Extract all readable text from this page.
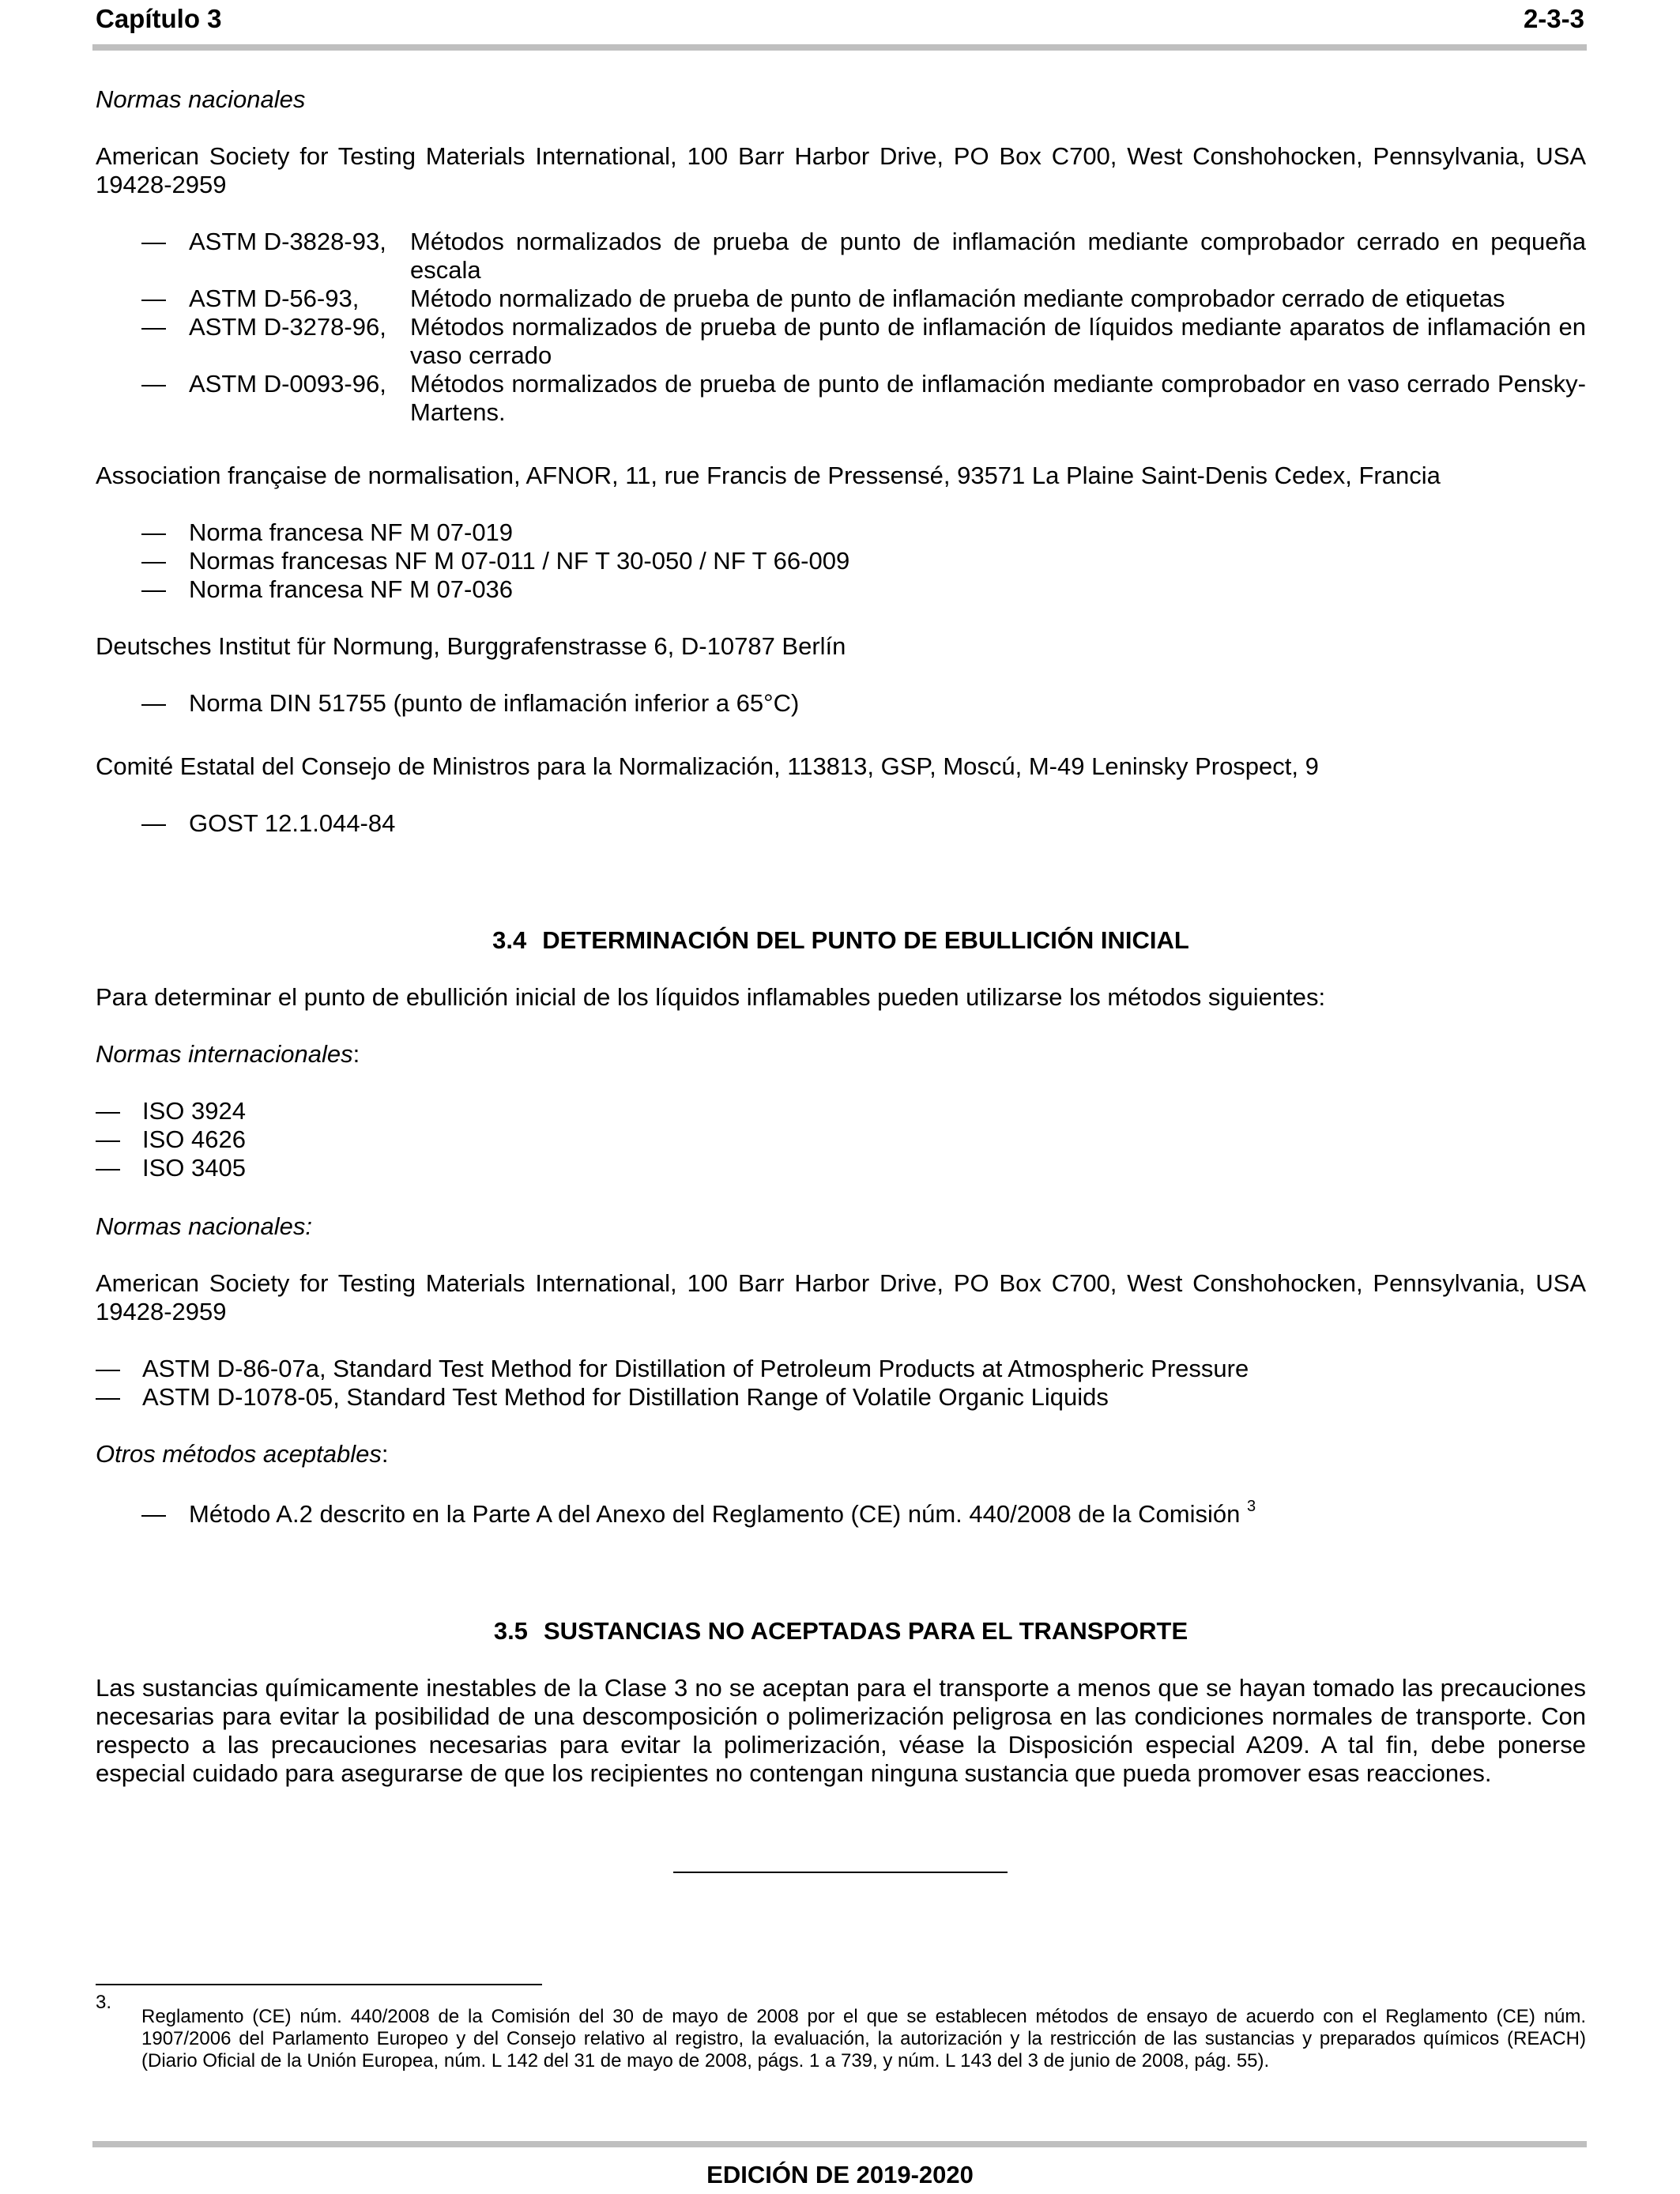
Capítulo 3	2-3-3

Normas nacionales

American Society for Testing Materials International, 100 Barr Harbor Drive, PO Box C700, West Conshohocken, Pennsylvania, USA 19428-2959

— ASTM D-3828-93, Métodos normalizados de prueba de punto de inflamación mediante comprobador cerrado en pequeña escala
— ASTM D-56-93,	Método normalizado de prueba de punto de inflamación mediante comprobador cerrado de etiquetas
— ASTM D-3278-96, Métodos normalizados de prueba de punto de inflamación de líquidos mediante aparatos de inflamación en vaso cerrado
— ASTM D-0093-96, Métodos normalizados de prueba de punto de inflamación mediante comprobador en vaso cerrado Pensky-Martens.

Association française de normalisation, AFNOR, 11, rue Francis de Pressensé, 93571 La Plaine Saint-Denis Cedex, Francia

— Norma francesa NF M 07-019
— Normas francesas NF M 07-011 / NF T 30-050 / NF T 66-009
— Norma francesa NF M 07-036

Deutsches Institut für Normung, Burggrafenstrasse 6, D-10787 Berlín

— Norma DIN 51755 (punto de inflamación inferior a 65°C)

Comité Estatal del Consejo de Ministros para la Normalización, 113813, GSP, Moscú, M-49 Leninsky Prospect, 9

— GOST 12.1.044-84
3.4 DETERMINACIÓN DEL PUNTO DE EBULLICIÓN INICIAL

Para determinar el punto de ebullición inicial de los líquidos inflamables pueden utilizarse los métodos siguientes:

Normas internacionales:

— ISO 3924
— ISO 4626
— ISO 3405

Normas nacionales:

American Society for Testing Materials International, 100 Barr Harbor Drive, PO Box C700, West Conshohocken, Pennsylvania, USA 19428-2959

— ASTM D-86-07a, Standard Test Method for Distillation of Petroleum Products at Atmospheric Pressure
— ASTM D-1078-05, Standard Test Method for Distillation Range of Volatile Organic Liquids

Otros métodos aceptables:

— Método A.2 descrito en la Parte A del Anexo del Reglamento (CE) núm. 440/2008 de la Comisión $^3$
3.5 SUSTANCIAS NO ACEPTADAS PARA EL TRANSPORTE

Las sustancias químicamente inestables de la Clase 3 no se aceptan para el transporte a menos que se hayan tomado las precauciones necesarias para evitar la posibilidad de una descomposición o polimerización peligrosa en las condiciones normales de transporte. Con respecto a las precauciones necesarias para evitar la polimerización, véase la Disposición especial A209. A tal fin, debe ponerse especial cuidado para asegurarse de que los recipientes no contengan ninguna sustancia que pueda promover esas reacciones.

3.
Reglamento (CE) núm. 440/2008 de la Comisión del 30 de mayo de 2008 por el que se establecen métodos de ensayo de acuerdo con el Reglamento (CE) núm. 1907/2006 del Parlamento Europeo y del Consejo relativo al registro, la evaluación, la autorización y la restricción de las sustancias y preparados químicos (REACH) (Diario Oficial de la Unión Europea, núm. L 142 del 31 de mayo de 2008, págs. 1 a 739, y núm. L 143 del 3 de junio de 2008, pág. 55).
EDICIÓN DE 2019-2020
